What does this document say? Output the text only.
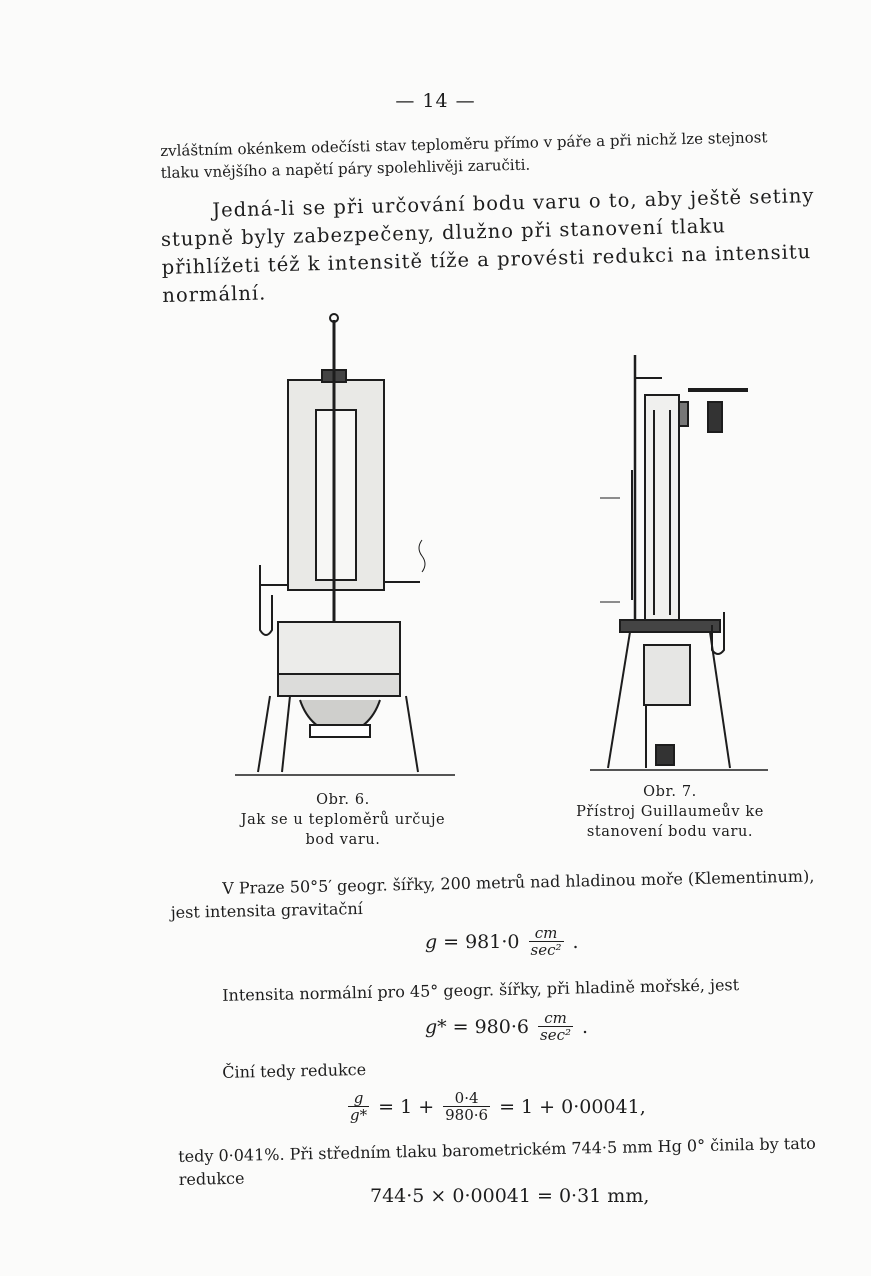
— 14 —
zvláštním okénkem odečísti stav teploměru přímo v páře a při nichž lze stejnost tlaku vnějšího a napětí páry spolehlivěji zaručiti.
Jedná-li se při určování bodu varu o to, aby ještě setiny stupně byly zabezpečeny, dlužno při stanovení tlaku přihlížeti též k intensitě tíže a provésti redukci na intensitu normální.
Obr. 6.
Jak se u teploměrů určuje bod varu.
Obr. 7.
Přístroj Guillaumeův ke stanovení bodu varu.
V Praze 50°5′ geogr. šířky, 200 metrů nad hladinou moře (Klementinum), jest intensita gravitační
$g = 981\cdot 0 \frac{cm}{\text{sec²}}$ .
Intensita normální pro 45° geogr. šířky, při hladině mořské, jest
$g* = 980\cdot 6 \frac{cm}{\text{sec²}}$ .
Činí tedy redukce
$\frac{g}{g*} = 1 + \frac{0\cdot 4}{980\cdot 6} = 1 + 0\cdot 00041$,
tedy 0·041%. Při středním tlaku barometrickém 744·5 mm Hg 0° činila by tato redukce
744·5 × 0·00041 = 0·31 mm,
